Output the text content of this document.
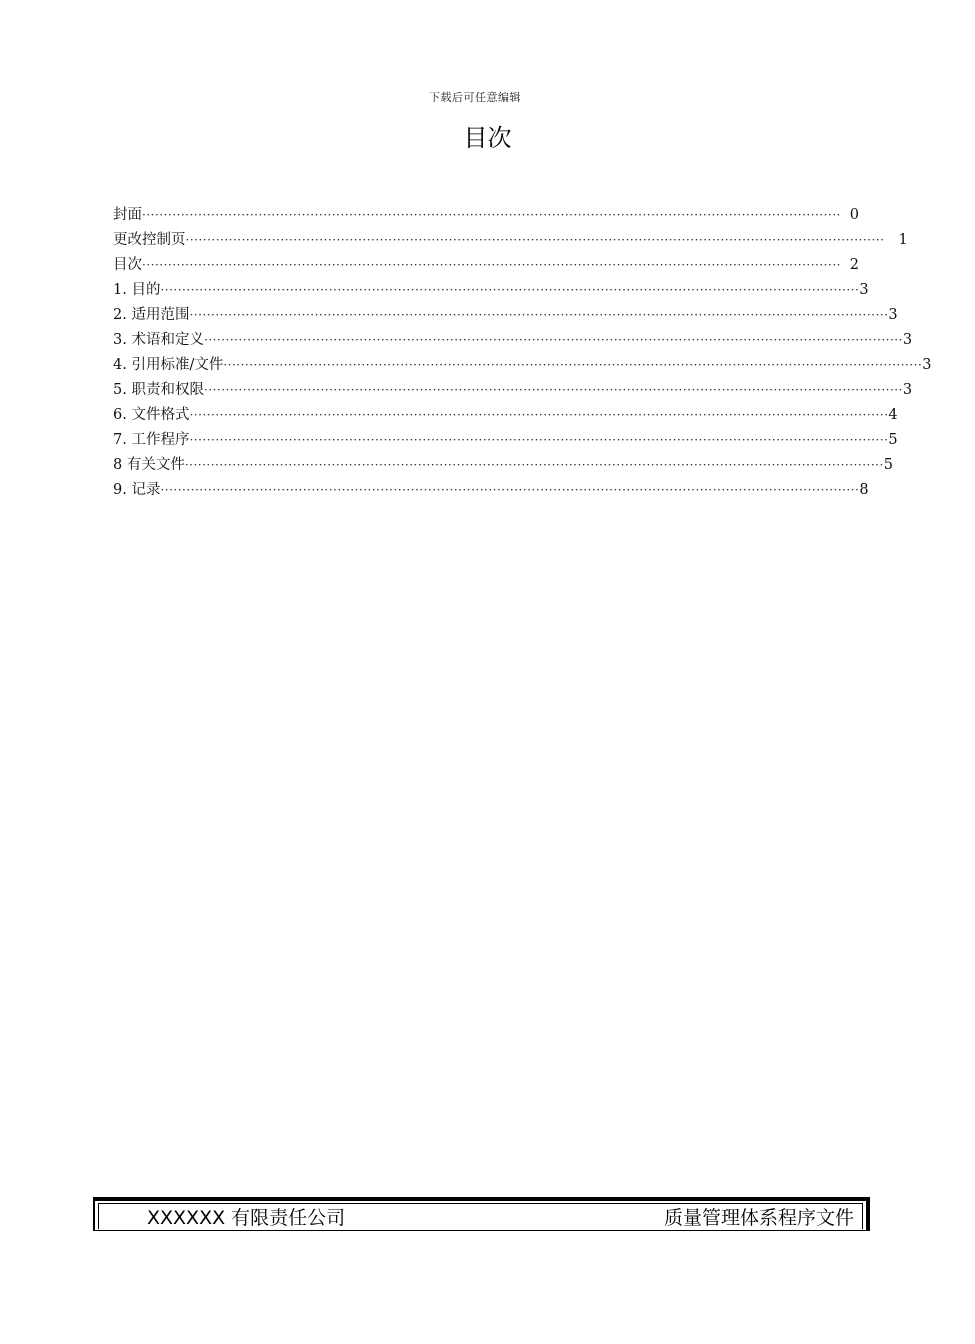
下载后可任意编辑
目次
封面 ·································································································································································· 0
更改控制页 ·································································································································································· 1
目次 ·································································································································································· 2
1. 目的 ·································································································································································· 3
2. 适用范围 ·································································································································································· 3
3. 术语和定义 ·································································································································································· 3
4. 引用标准/文件 ·································································································································································· 3
5. 职责和权限 ·································································································································································· 3
6. 文件格式 ·································································································································································· 4
7. 工作程序 ·································································································································································· 5
8 有关文件 ·································································································································································· 5
9. 记录 ·································································································································································· 8
XXXXXX 有限责任公司	质量管理体系程序文件
